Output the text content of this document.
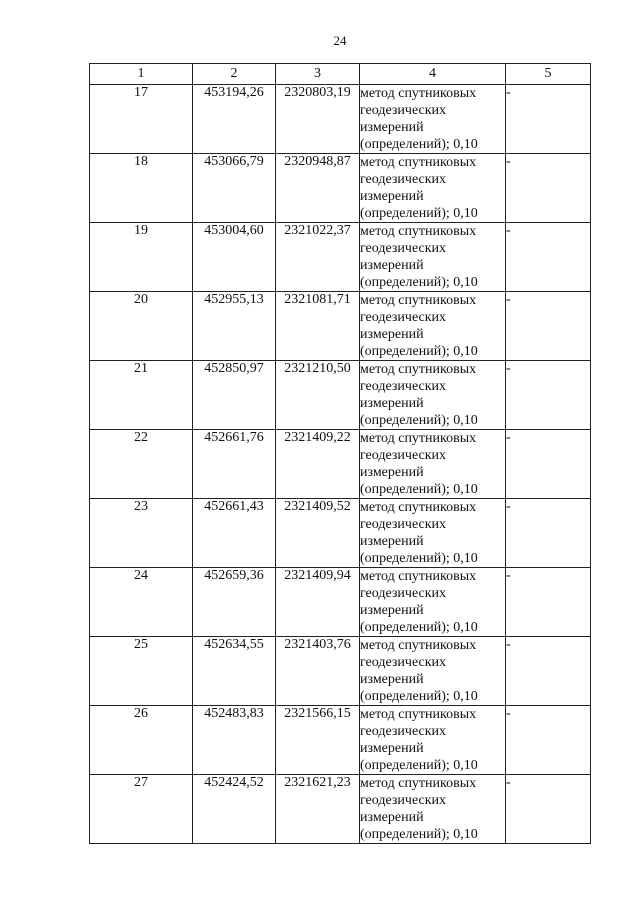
24
1	2	3	4	5
17	453194,26	2320803,19	метод спутниковых
геодезических
измерений
(определений); 0,10	-
18	453066,79	2320948,87	метод спутниковых
геодезических
измерений
(определений); 0,10	-
19	453004,60	2321022,37	метод спутниковых
геодезических
измерений
(определений); 0,10	-
20	452955,13	2321081,71	метод спутниковых
геодезических
измерений
(определений); 0,10	-
21	452850,97	2321210,50	метод спутниковых
геодезических
измерений
(определений); 0,10	-
22	452661,76	2321409,22	метод спутниковых
геодезических
измерений
(определений); 0,10	-
23	452661,43	2321409,52	метод спутниковых
геодезических
измерений
(определений); 0,10	-
24	452659,36	2321409,94	метод спутниковых
геодезических
измерений
(определений); 0,10	-
25	452634,55	2321403,76	метод спутниковых
геодезических
измерений
(определений); 0,10	-
26	452483,83	2321566,15	метод спутниковых
геодезических
измерений
(определений); 0,10	-
27	452424,52	2321621,23	метод спутниковых
геодезических
измерений
(определений); 0,10	-
